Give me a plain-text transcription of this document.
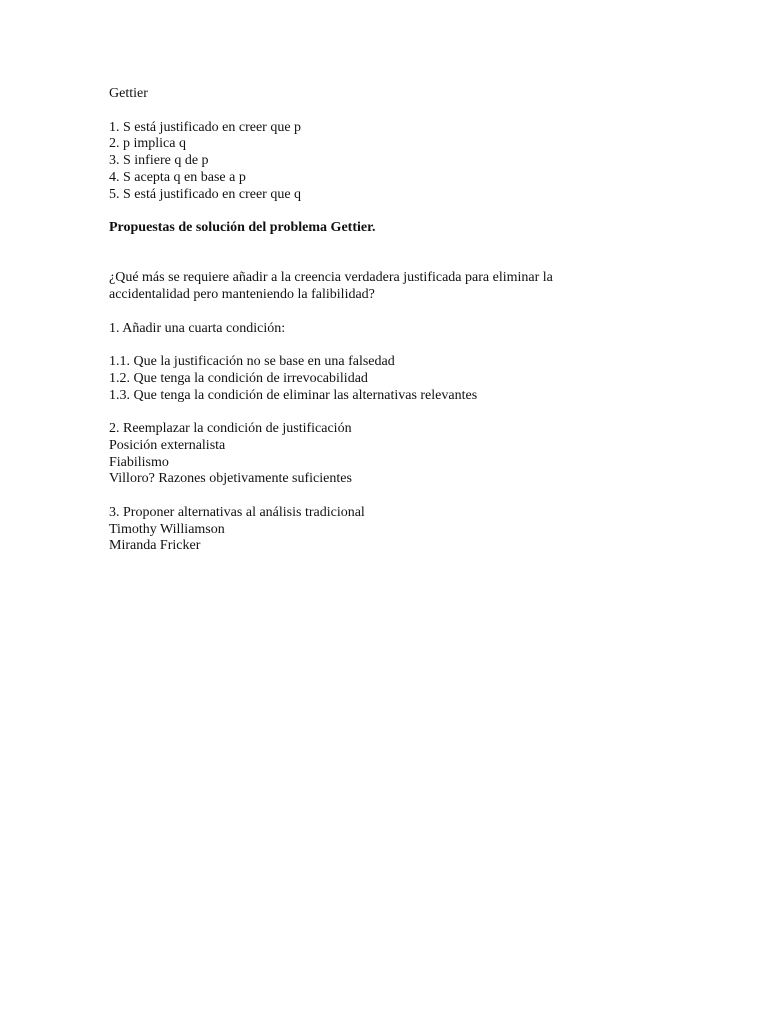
Gettier
1. S está justificado en creer que p
2. p implica q
3. S infiere q de p
4. S acepta q en base a p
5. S está justificado en creer que q
Propuestas de solución del problema Gettier.
¿Qué más se requiere añadir a la creencia verdadera justificada para eliminar la
accidentalidad pero manteniendo la falibilidad?
1. Añadir una cuarta condición:
1.1. Que la justificación no se base en una falsedad
1.2. Que tenga la condición de irrevocabilidad
1.3. Que tenga la condición de eliminar las alternativas relevantes
2. Reemplazar la condición de justificación
Posición externalista
Fiabilismo
Villoro? Razones objetivamente suficientes
3. Proponer alternativas al análisis tradicional
Timothy Williamson
Miranda Fricker
